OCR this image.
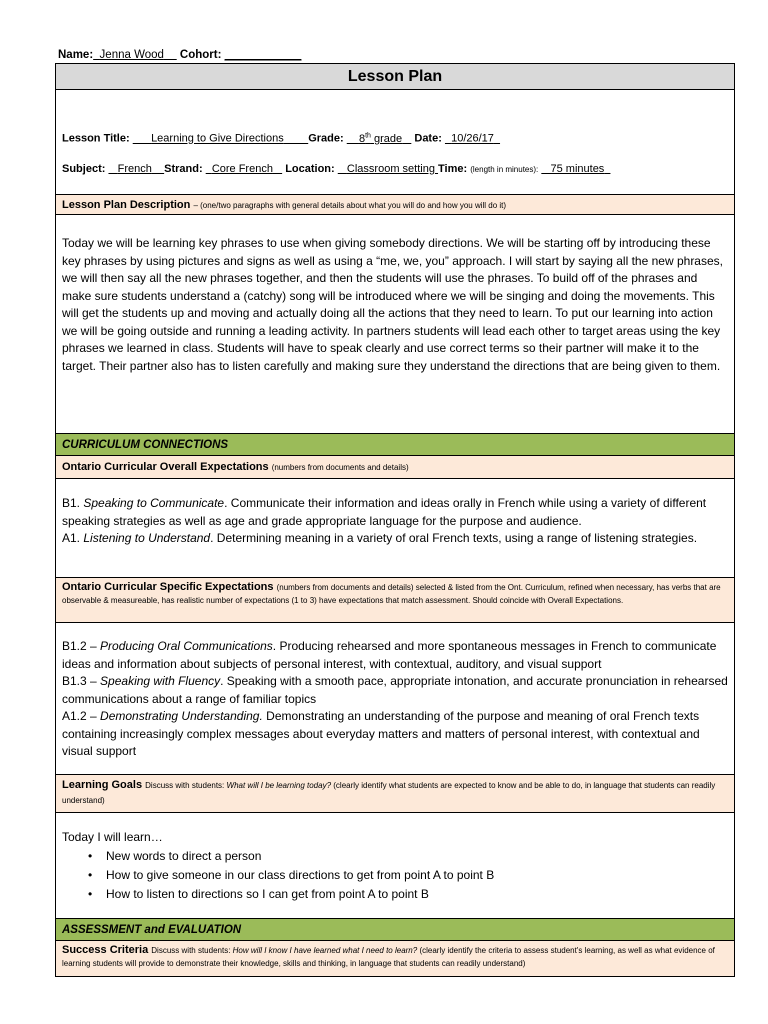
Name: Jenna Wood Cohort: ____________
Lesson Plan
Lesson Title: Learning to Give Directions Grade: 8th grade Date: 10/26/17
Subject: French Strand: Core French Location: Classroom setting Time: (length in minutes): 75 minutes
Lesson Plan Description – (one/two paragraphs with general details about what you will do and how you will do it)
Today we will be learning key phrases to use when giving somebody directions. We will be starting off by introducing these key phrases by using pictures and signs as well as using a “me, we, you” approach. I will start by saying all the new phrases, we will then say all the new phrases together, and then the students will use the phrases. To build off of the phrases and make sure students understand a (catchy) song will be introduced where we will be singing and doing the movements. This will get the students up and moving and actually doing all the actions that they need to learn. To put our learning into action we will be going outside and running a leading activity. In partners students will lead each other to target areas using the key phrases we learned in class. Students will have to speak clearly and use correct terms so their partner will make it to the target. Their partner also has to listen carefully and making sure they understand the directions that are being given to them.
CURRICULUM CONNECTIONS
Ontario Curricular Overall Expectations (numbers from documents and details)
B1. Speaking to Communicate. Communicate their information and ideas orally in French while using a variety of different speaking strategies as well as age and grade appropriate language for the purpose and audience.
A1. Listening to Understand. Determining meaning in a variety of oral French texts, using a range of listening strategies.
Ontario Curricular Specific Expectations (numbers from documents and details) selected & listed from the Ont. Curriculum, refined when necessary, has verbs that are observable & measureable, has realistic number of expectations (1 to 3) have expectations that match assessment. Should coincide with Overall Expectations.
B1.2 – Producing Oral Communications. Producing rehearsed and more spontaneous messages in French to communicate ideas and information about subjects of personal interest, with contextual, auditory, and visual support
B1.3 – Speaking with Fluency. Speaking with a smooth pace, appropriate intonation, and accurate pronunciation in rehearsed communications about a range of familiar topics
A1.2 – Demonstrating Understanding. Demonstrating an understanding of the purpose and meaning of oral French texts containing increasingly complex messages about everyday matters and matters of personal interest, with contextual and visual support
Learning Goals Discuss with students: What will I be learning today? (clearly identify what students are expected to know and be able to do, in language that students can readily understand)
Today I will learn…
• New words to direct a person
• How to give someone in our class directions to get from point A to point B
• How to listen to directions so I can get from point A to point B
ASSESSMENT and EVALUATION
Success Criteria Discuss with students: How will I know I have learned what I need to learn? (clearly identify the criteria to assess student's learning, as well as what evidence of learning students will provide to demonstrate their knowledge, skills and thinking, in language that students can readily understand)
